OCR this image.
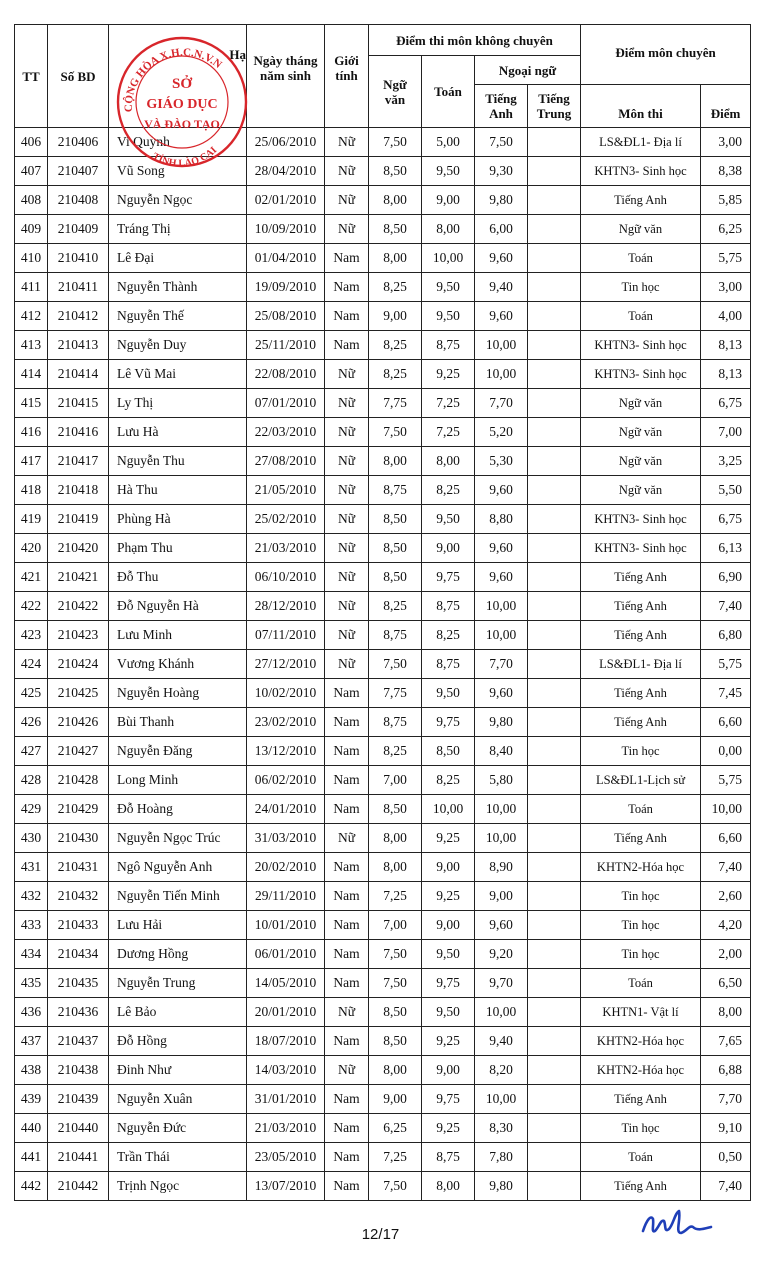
TT	Số BD	Hạ	Ngày tháng năm sinh	Giới tính	Điểm thi môn không chuyên				Điểm môn chuyên	
					Ngữ văn	Toán	Ngoại ngữ			
							Tiếng Anh	Tiếng Trung	Môn thi	Điểm
406	210406	Vi Quỳnh	25/06/2010	Nữ	7,50	5,00	7,50		LS&ĐL1- Địa lí	3,00
407	210407	Vũ Song	28/04/2010	Nữ	8,50	9,50	9,30		KHTN3- Sinh học	8,38
408	210408	Nguyễn Ngọc	02/01/2010	Nữ	8,00	9,00	9,80		Tiếng Anh	5,85
409	210409	Tráng Thị	10/09/2010	Nữ	8,50	8,00	6,00		Ngữ văn	6,25
410	210410	Lê Đại	01/04/2010	Nam	8,00	10,00	9,60		Toán	5,75
411	210411	Nguyễn Thành	19/09/2010	Nam	8,25	9,50	9,40		Tin học	3,00
412	210412	Nguyễn Thế	25/08/2010	Nam	9,00	9,50	9,60		Toán	4,00
413	210413	Nguyễn Duy	25/11/2010	Nam	8,25	8,75	10,00		KHTN3- Sinh học	8,13
414	210414	Lê Vũ Mai	22/08/2010	Nữ	8,25	9,25	10,00		KHTN3- Sinh học	8,13
415	210415	Ly Thị	07/01/2010	Nữ	7,75	7,25	7,70		Ngữ văn	6,75
416	210416	Lưu Hà	22/03/2010	Nữ	7,50	7,25	5,20		Ngữ văn	7,00
417	210417	Nguyễn Thu	27/08/2010	Nữ	8,00	8,00	5,30		Ngữ văn	3,25
418	210418	Hà Thu	21/05/2010	Nữ	8,75	8,25	9,60		Ngữ văn	5,50
419	210419	Phùng Hà	25/02/2010	Nữ	8,50	9,50	8,80		KHTN3- Sinh học	6,75
420	210420	Phạm Thu	21/03/2010	Nữ	8,50	9,00	9,60		KHTN3- Sinh học	6,13
421	210421	Đỗ Thu	06/10/2010	Nữ	8,50	9,75	9,60		Tiếng Anh	6,90
422	210422	Đỗ Nguyễn Hà	28/12/2010	Nữ	8,25	8,75	10,00		Tiếng Anh	7,40
423	210423	Lưu Minh	07/11/2010	Nữ	8,75	8,25	10,00		Tiếng Anh	6,80
424	210424	Vương Khánh	27/12/2010	Nữ	7,50	8,75	7,70		LS&ĐL1- Địa lí	5,75
425	210425	Nguyễn Hoàng	10/02/2010	Nam	7,75	9,50	9,60		Tiếng Anh	7,45
426	210426	Bùi Thanh	23/02/2010	Nam	8,75	9,75	9,80		Tiếng Anh	6,60
427	210427	Nguyễn Đăng	13/12/2010	Nam	8,25	8,50	8,40		Tin học	0,00
428	210428	Long Minh	06/02/2010	Nam	7,00	8,25	5,80		LS&ĐL1-Lịch sử	5,75
429	210429	Đỗ Hoàng	24/01/2010	Nam	8,50	10,00	10,00		Toán	10,00
430	210430	Nguyễn Ngọc Trúc	31/03/2010	Nữ	8,00	9,25	10,00		Tiếng Anh	6,60
431	210431	Ngô Nguyễn Anh	20/02/2010	Nam	8,00	9,00	8,90		KHTN2-Hóa học	7,40
432	210432	Nguyễn Tiến Minh	29/11/2010	Nam	7,25	9,25	9,00		Tin học	2,60
433	210433	Lưu Hải	10/01/2010	Nam	7,00	9,00	9,60		Tin học	4,20
434	210434	Dương Hồng	06/01/2010	Nam	7,50	9,50	9,20		Tin học	2,00
435	210435	Nguyễn Trung	14/05/2010	Nam	7,50	9,75	9,70		Toán	6,50
436	210436	Lê Bảo	20/01/2010	Nữ	8,50	9,50	10,00		KHTN1- Vật lí	8,00
437	210437	Đỗ Hồng	18/07/2010	Nam	8,50	9,25	9,40		KHTN2-Hóa học	7,65
438	210438	Đinh Như	14/03/2010	Nữ	8,00	9,00	8,20		KHTN2-Hóa học	6,88
439	210439	Nguyễn Xuân	31/01/2010	Nam	9,00	9,75	10,00		Tiếng Anh	7,70
440	210440	Nguyễn Đức	21/03/2010	Nam	6,25	9,25	8,30		Tin học	9,10
441	210441	Trần Thái	23/05/2010	Nam	7,25	8,75	7,80		Toán	0,50
442	210442	Trịnh Ngọc	13/07/2010	Nam	7,50	8,00	9,80		Tiếng Anh	7,40
CỘNG HÒA X.H.C.N.V.N
SỞ
GIÁO DỤC
VÀ ĐÀO TẠO
TỈNH LÀO CAI
12/17
